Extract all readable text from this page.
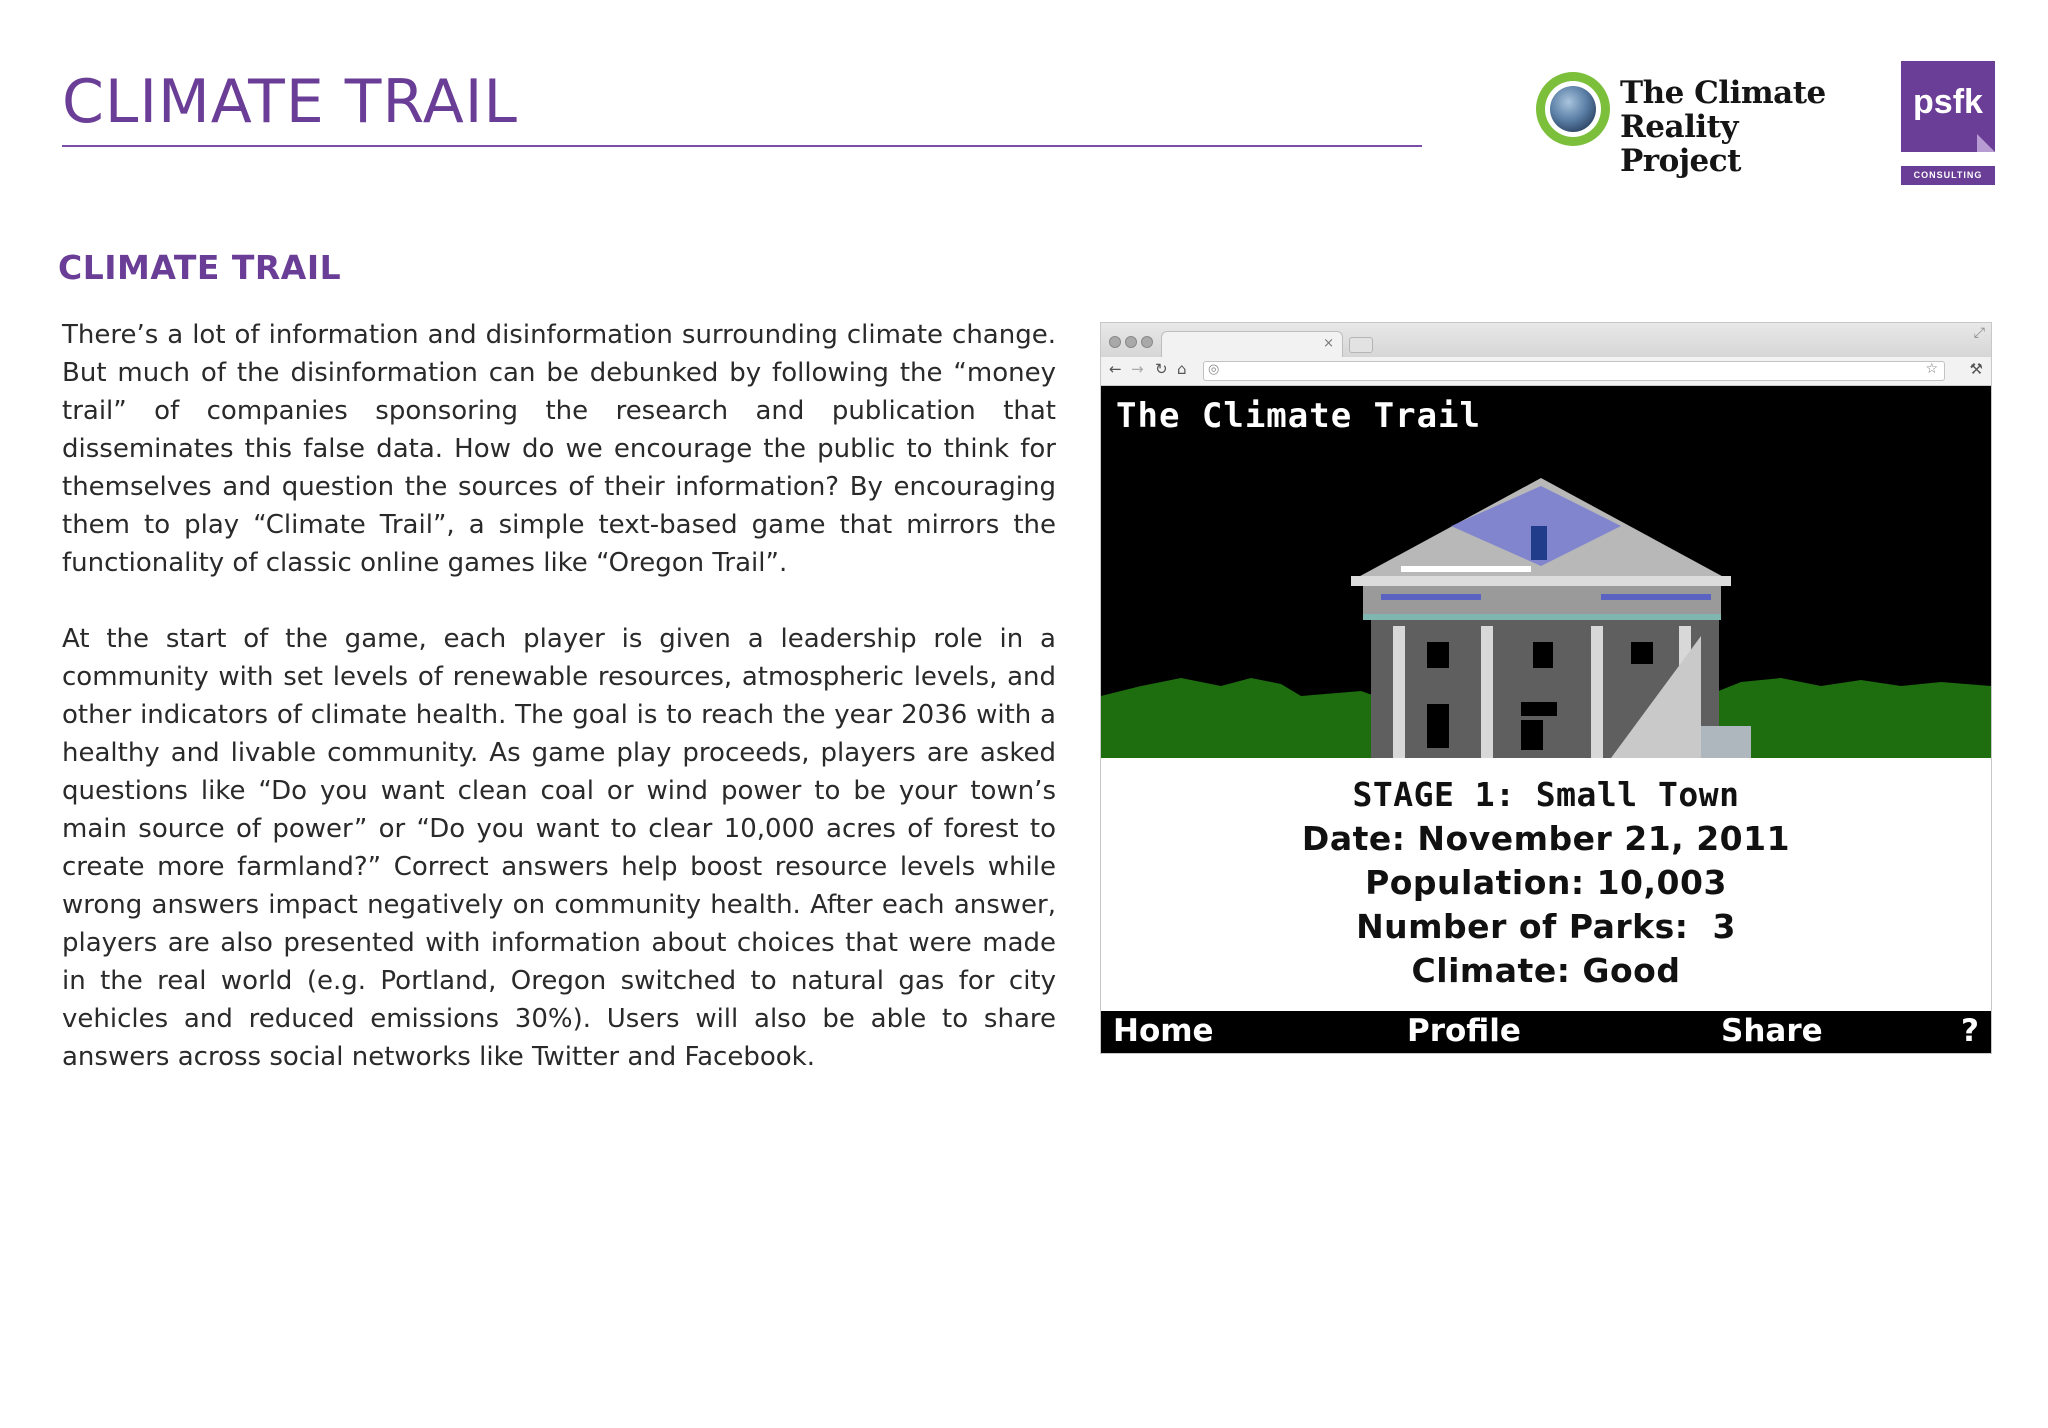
CLIMATE TRAIL	The Climate
Reality Project
psfk
CONSULTING
CLIMATE TRAIL

There’s a lot of information and disinformation surrounding climate change. But much of the disinformation can be debunked by following the “money trail” of companies sponsoring the research and publication that disseminates this false data. How do we encourage the public to think for themselves and question the sources of their information? By encouraging them to play “Climate Trail”, a simple text-based game that mirrors the functionality of classic online games like “Oregon Trail”.

At the start of the game, each player is given a leadership role in a community with set levels of renewable resources, atmospheric levels, and other indicators of climate health. The goal is to reach the year 2036 with a healthy and livable community. As game play proceeds, players are asked questions like “Do you want clean coal or wind power to be your town’s main source of power” or “Do you want to clear 10,000 acres of forest to create more farmland?” Correct answers help boost resource levels while wrong answers impact negatively on community health. After each answer, players are also presented with information about choices that were made in the real world (e.g. Portland, Oregon switched to natural gas for city vehicles and reduced emissions 30%). Users will also be able to share answers across social networks like Twitter and Facebook.

×
⤢
← → ↻ ⌂ ◎	☆ ⚒
The Climate Trail
STAGE 1: Small Town
Date: November 21, 2011
Population: 10,003
Number of Parks:  3
Climate: Good
Home	Profile	Share	?
